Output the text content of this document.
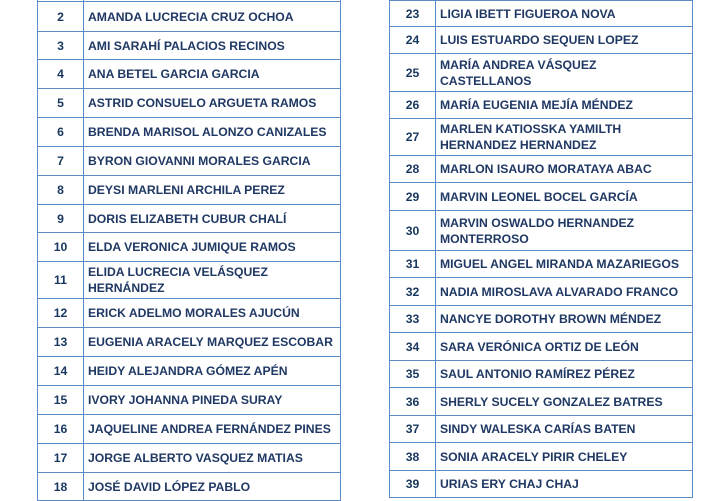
2	AMANDA LUCRECIA CRUZ OCHOA
3	AMI SARAHÍ PALACIOS RECINOS
4	ANA BETEL GARCIA GARCIA
5	ASTRID CONSUELO ARGUETA RAMOS
6	BRENDA MARISOL ALONZO CANIZALES
7	BYRON GIOVANNI MORALES GARCIA
8	DEYSI MARLENI ARCHILA PEREZ
9	DORIS ELIZABETH CUBUR CHALÍ
10	ELDA VERONICA JUMIQUE RAMOS
11	ELIDA LUCRECIA VELÁSQUEZ HERNÁNDEZ
12	ERICK ADELMO MORALES AJUCÚN
13	EUGENIA ARACELY MARQUEZ ESCOBAR
14	HEIDY ALEJANDRA GÓMEZ APÉN
15	IVORY JOHANNA PINEDA SURAY
16	JAQUELINE ANDREA FERNÁNDEZ PINES
17	JORGE ALBERTO VASQUEZ MATIAS
18	JOSÉ DAVID LÓPEZ PABLO

23	LIGIA IBETT FIGUEROA NOVA
24	LUIS ESTUARDO SEQUEN LOPEZ
25	MARÍA ANDREA VÁSQUEZ CASTELLANOS
26	MARÍA EUGENIA MEJÍA MÉNDEZ
27	MARLEN KATIOSSKA YAMILTH HERNANDEZ HERNANDEZ
28	MARLON ISAURO MORATAYA ABAC
29	MARVIN LEONEL BOCEL GARCÍA
30	MARVIN OSWALDO HERNANDEZ MONTERROSO
31	MIGUEL ANGEL MIRANDA MAZARIEGOS
32	NADIA MIROSLAVA ALVARADO FRANCO
33	NANCYE DOROTHY BROWN MÉNDEZ
34	SARA VERÓNICA ORTIZ DE LEÓN
35	SAUL ANTONIO RAMÍREZ PÉREZ
36	SHERLY SUCELY GONZALEZ BATRES
37	SINDY WALESKA CARÍAS BATEN
38	SONIA ARACELY PIRIR CHELEY
39	URIAS ERY CHAJ CHAJ
